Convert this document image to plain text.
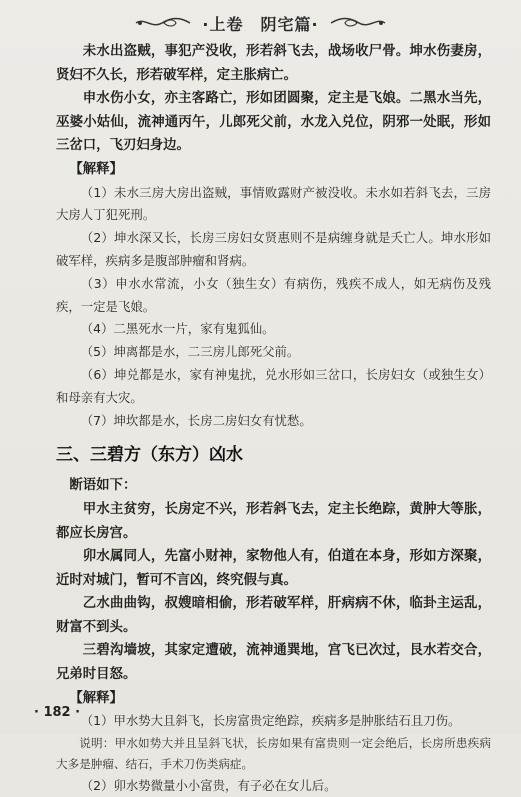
·上卷　阴宅篇·

未水出盗贼，事犯产没收，形若斜飞去，战场收尸骨。坤水伤妻房，贤妇不久长，形若破军样，定主胀病亡。

申水伤小女，亦主客路亡，形如团圆聚，定主是飞娘。二黑水当先，巫婆小姑仙，流神通丙午，儿郎死父前，水龙入兑位，阴邪一处眠，形如三岔口，飞刃妇身边。

【解释】

（1）未水三房大房出盗贼，事情败露财产被没收。未水如若斜飞去，三房大房人丁犯死刑。

（2）坤水深又长，长房三房妇女贤惠则不是病缠身就是夭亡人。坤水形如破军样，疾病多是腹部肿瘤和肾病。

（3）申水水常流，小女（独生女）有病伤，残疾不成人，如无病伤及残疾，一定是飞娘。

（4）二黑死水一片，家有鬼狐仙。

（5）坤离都是水，二三房儿郎死父前。

（6）坤兑都是水，家有神鬼扰，兑水形如三岔口，长房妇女（或独生女）和母亲有大灾。

（7）坤坎都是水，长房二房妇女有忧愁。

三、三碧方（东方）凶水

断语如下：

甲水主贫穷，长房定不兴，形若斜飞去，定主长绝踪，黄肿大等胀，都应长房宫。

卯水属同人，先富小财神，家物他人有，伯道在本身，形如方深聚，近时对城门，暂可不言凶，终究假与真。

乙水曲曲钩，叔嫂暗相偷，形若破军样，肝病病不休，临卦主运乱，财富不到头。

三碧沟墙坡，其家定遭破，流神通巽地，宫飞已次过，艮水若交合，兄弟时目怒。

【解释】

（1）甲水势大且斜飞，长房富贵定绝踪，疾病多是肿胀结石且刀伤。

说明：甲水如势大并且呈斜飞状，长房如果有富贵则一定会绝后，长房所患疾病大多是肿瘤、结石，手术刀伤类病症。

（2）卯水势微量小小富贵，有子必在女儿后。

· 182 ·
